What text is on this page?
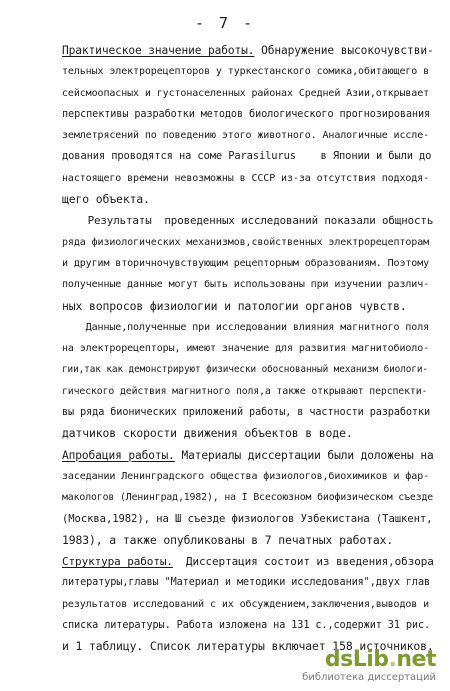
- 7 -
Практическое значение работы. Обнаружение высокочувстви-
тельных электрорецепторов у туркестанского сомика,обитающего в
сейсмоопасных и густонаселенных районах Средней Азии,открывает
перспективы разработки методов биологического прогнозирования
землетрясений по поведению этого животного. Аналогичные иссле-
дования проводятся на соме Parasilurus    в Японии и были до
настоящего времени невозможны в СССР из-за отсутствия подходя-
щего объекта.
Результаты  проведенных исследований показали общность
ряда физиологических механизмов,свойственных электрорецепторам
и другим вторичночувствующим рецепторным образованиям. Поэтому
полученные данные могут быть использованы при изучении различ-
ных вопросов физиологии и патологии органов чувств.
Данные,полученные при исследовании влияния магнитного поля
на электрорецепторы, имеют значение для развития магнитобиоло-
гии,так как демонстрируют физически обоснованный механизм биологи-
гического действия магнитного поля,а также открывают перспекти-
вы ряда бионических приложений работы, в частности разработки
датчиков скорости движения объектов в воде.
Апробация работы. Материалы диссертации были доложены на
заседании Ленинградского общества физиологов,биохимиков и фар-
макологов (Ленинград,1982), на I Всесоюзном биофизическом съезде
(Москва,1982), на Ш съезде физиологов Узбекистана (Ташкент,
1983), а также опубликованы в 7 печатных работах.
Структура работы.  Диссертация состоит из введения,обзора
литературы,главы "Материал и методики исследования",двух глав
результатов исследований с их обсуждением,заключения,выводов и
списка литературы. Работа изложена на 131 с.,содержит 31 рис.
и 1 таблицу. Список литературы включает 158 источников.
dsLib.net
библиотека диссертаций
